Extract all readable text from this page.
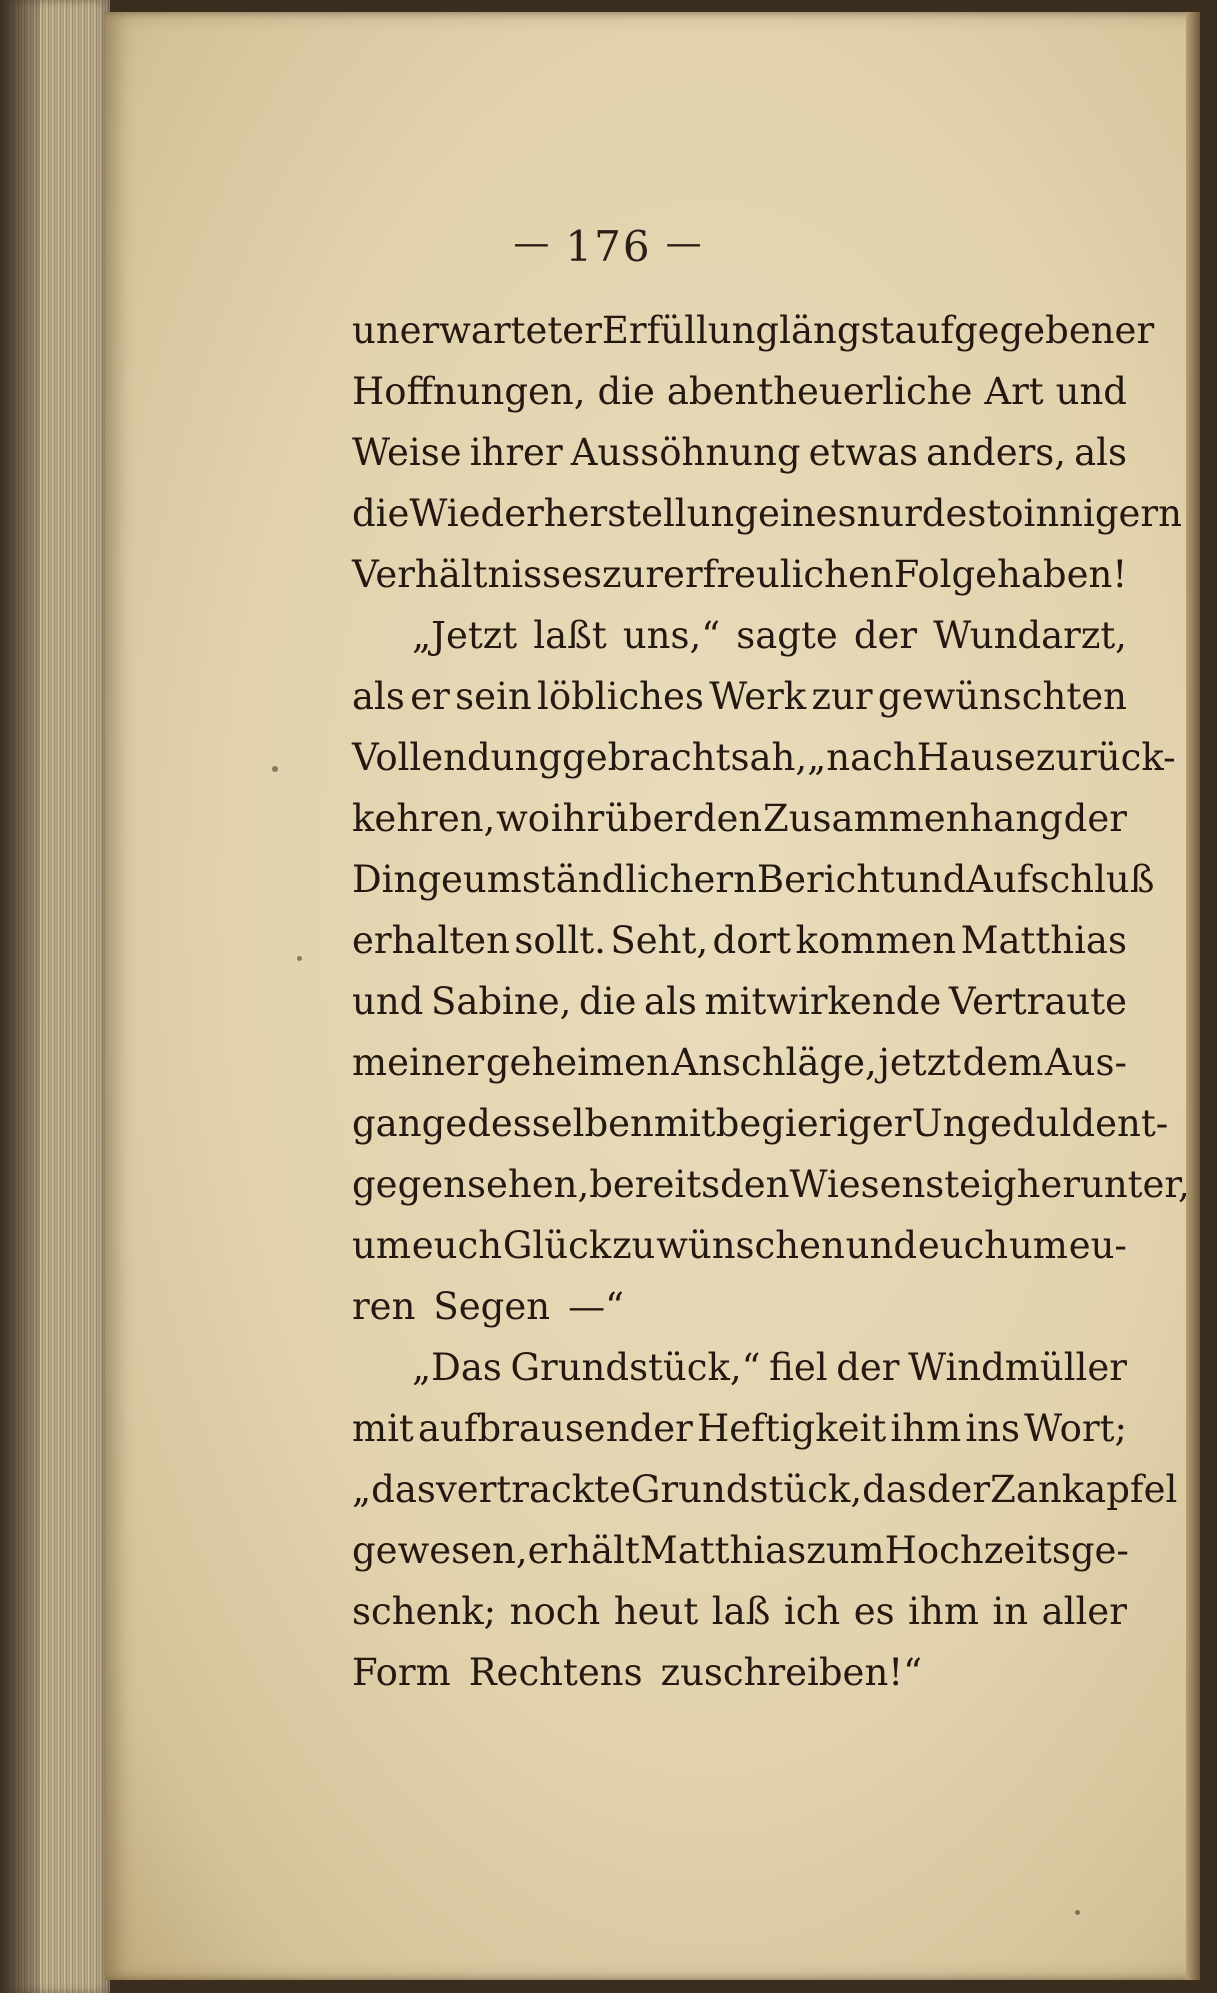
— 176 —
unerwarteter Erfüllung längst aufgegebener
Hoffnungen, die abentheuerliche Art und
Weise ihrer Aussöhnung etwas anders, als
die Wiederherstellung eines nur desto innigern
Verhältnisses zur erfreulichen Folge haben!
„Jetzt laßt uns,“ sagte der Wundarzt,
als er sein löbliches Werk zur gewünschten
Vollendung gebracht sah, „nach Hause zurück-
kehren, wo ihr über den Zusammenhang der
Dinge umständlichern Bericht und Aufschluß
erhalten sollt. Seht, dort kommen Matthias
und Sabine, die als mitwirkende Vertraute
meiner geheimen Anschläge, jetzt dem Aus-
gange desselben mit begieriger Ungeduld ent-
gegen sehen, bereits den Wiesensteig herunter,
um euch Glück zu wünschen und euch um eu-
ren Segen —“
„Das Grundstück,“ fiel der Windmüller
mit aufbrausender Heftigkeit ihm ins Wort;
„das vertrackte Grundstück, das der Zankapfel
gewesen, erhält Matthias zum Hochzeitsge-
schenk; noch heut laß ich es ihm in aller
Form Rechtens zuschreiben!“
